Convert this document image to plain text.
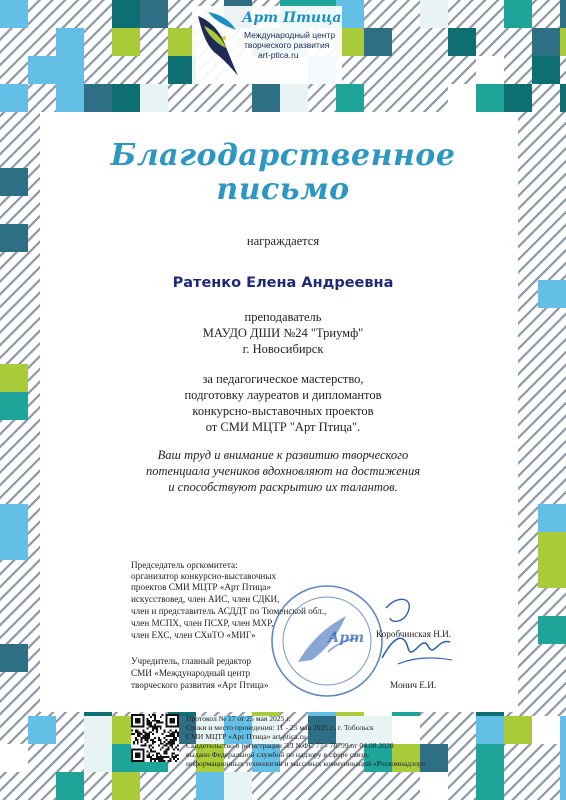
Арт Птица
Международный центр
творческого развития
art-ptica.ru
Благодарственное
письмо
награждается
Ратенко Елена Андреевна
преподаватель
МАУДО ДШИ №24 "Триумф"
г. Новосибирск
за педагогическое мастерство,
подготовку лауреатов и дипломантов
конкурсно-выставочных проектов
от СМИ МЦТР "Арт Птица".
Ваш труд и внимание к развитию творческого
потенциала учеников вдохновляют на достижения
и способствуют раскрытию их талантов.
Председатель оргкомитета:
организатор конкурсно-выставочных
проектов СМИ МЦТР «Арт Птица»
искусствовед, член АИС, член СДКИ,
член и представитель АСДДТ по Тюменской обл.,
член МСПХ, член ПСХР, член МХР,
член ЕХС, член СХиТО «МИГ»
Учредитель, главный редактор
СМИ «Международный центр
творческого развития «Арт Птица»
Арт Коробчинская Н.И.
Монич Е.И.
Протокол № 17 от 25 мая 2025 г.
Сроки и место проведения: 11 - 25 мая 2025 г., г. Тобольск
СМИ МЦТР «Арт Птица» art-ptica.ru
Свидетельство о регистрации ЭЛ №ФС 77 - 78799 от 04.08.2020
выдано Федеральной службой по надзору в сфере связи,
информационных технологий и массовых коммуникаций «Роскомнадзор»
